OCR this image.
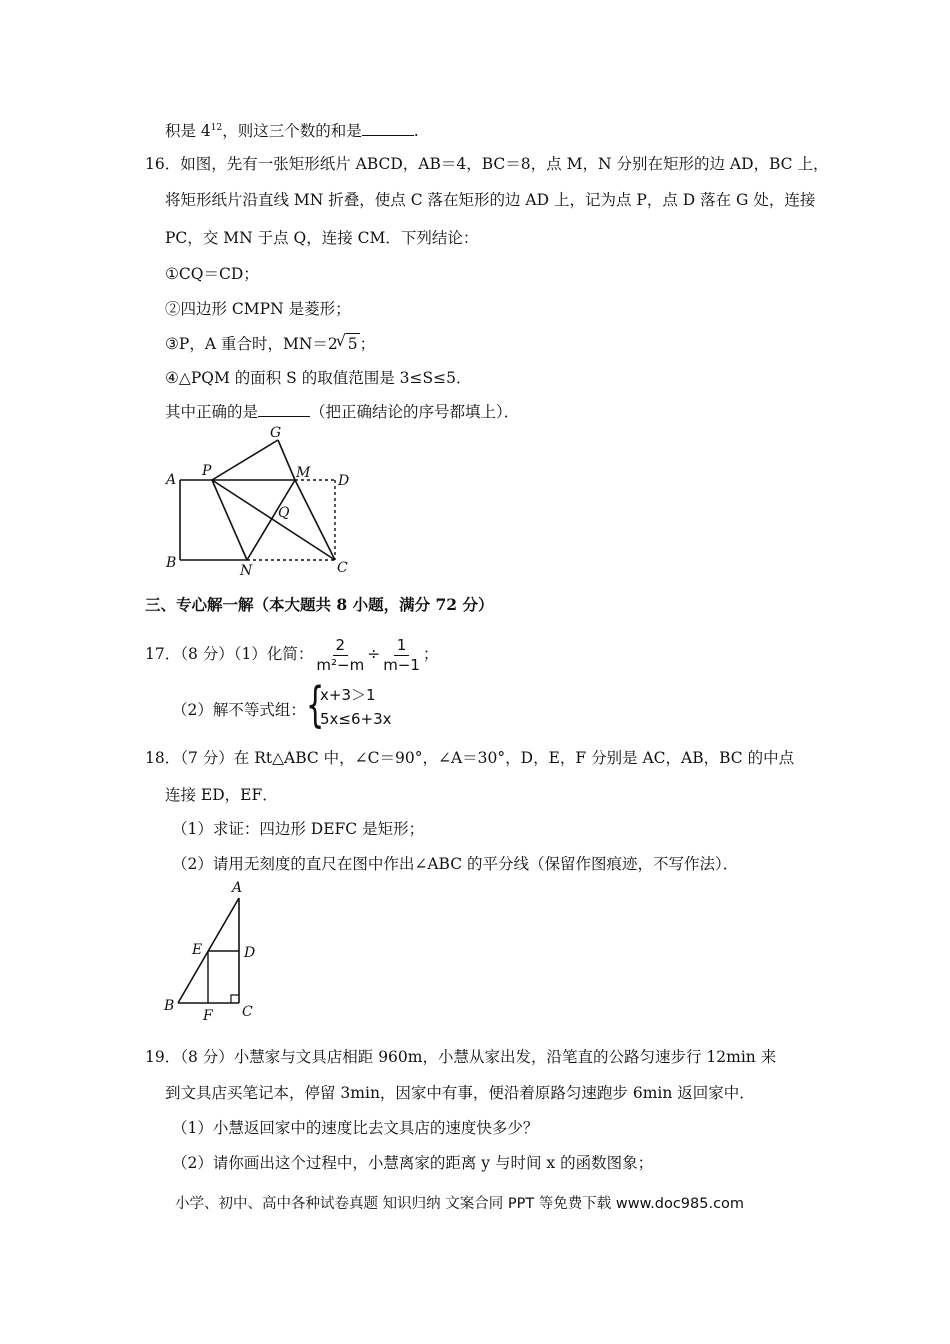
积是 $4^{12}$，则这三个数的和是	.
16．如图，先有一张矩形纸片 ABCD，AB＝4，BC＝8，点 M，N 分别在矩形的边 AD，BC 上，
将矩形纸片沿直线 MN 折叠，使点 C 落在矩形的边 AD 上，记为点 P，点 D 落在 G 处，连接
PC，交 MN 于点 Q，连接 CM．下列结论：
①CQ＝CD；
②四边形 CMPN 是菱形；
③P，A 重合时，MN＝2
√ 5 ；
④△PQM 的面积 S 的取值范围是 3≤S≤5．
其中正确的是	（把正确结论的序号都填上）．
A
B	C
D
G
M
N
P
Q
三、专心解一解（本大题共 8 小题，满分 72 分）
17．（8 分）（1）化简： $\frac{2}{\text{m²−m}} \div \frac{1}{m-1}$ ；
（2）解不等式组： {
x+3＞1
5x≤6+3x
18．（7 分）在 Rt△ABC 中，∠C＝90°，∠A＝30°，D，E，F 分别是 AC，AB，BC 的中点
连接 ED，EF．
（1）求证：四边形 DEFC 是矩形；
（2）请用无刻度的直尺在图中作出∠ABC 的平分线（保留作图痕迹，不写作法）．
A
B	C
D
E
F
19．（8 分）小慧家与文具店相距 960m，小慧从家出发，沿笔直的公路匀速步行 12min 来
到文具店买笔记本，停留 3min，因家中有事，便沿着原路匀速跑步 6min 返回家中．
（1）小慧返回家中的速度比去文具店的速度快多少？
（2）请你画出这个过程中，小慧离家的距离 y 与时间 x 的函数图象；
小学、初中、高中各种试卷真题 知识归纳 文案合同 PPT 等免费下载 www.doc985.com
